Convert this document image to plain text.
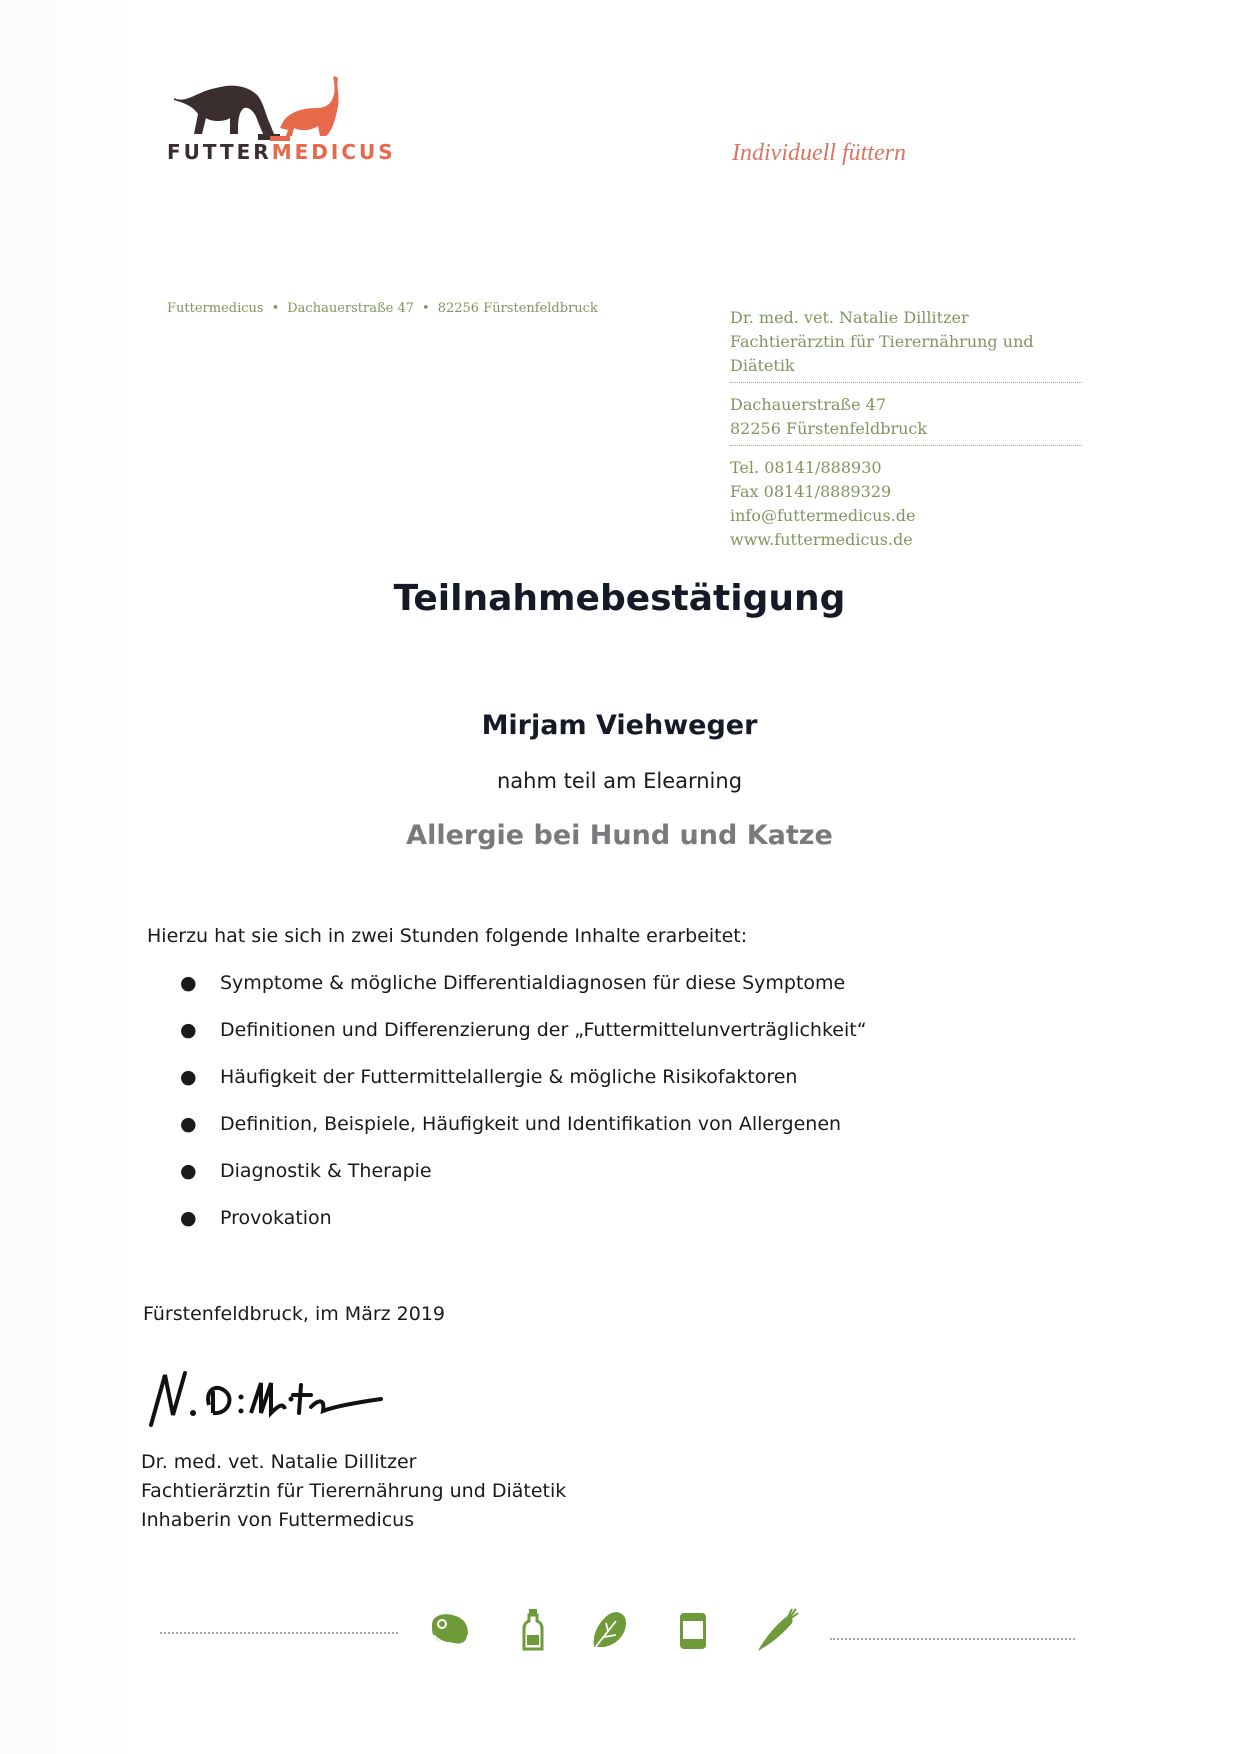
FUTTERMEDICUS	Individuell füttern
Futtermedicus • Dachauerstraße 47 • 82256 Fürstenfeldbruck	Dr. med. vet. Natalie Dillitzer
Fachtierärztin für Tierernährung und Diätetik
Dachauerstraße 47
82256 Fürstenfeldbruck
Tel. 08141/888930
Fax 08141/8889329
info@futtermedicus.de
www.futtermedicus.de
Teilnahmebestätigung
Mirjam Viehweger
nahm teil am Elearning
Allergie bei Hund und Katze
Hierzu hat sie sich in zwei Stunden folgende Inhalte erarbeitet:
●	Symptome & mögliche Differentialdiagnosen für diese Symptome
●	Definitionen und Differenzierung der „Futtermittelunverträglichkeit“
●	Häufigkeit der Futtermittelallergie & mögliche Risikofaktoren
●	Definition, Beispiele, Häufigkeit und Identifikation von Allergenen
●	Diagnostik & Therapie
●	Provokation
Fürstenfeldbruck, im März 2019
Dr. med. vet. Natalie Dillitzer
Fachtierärztin für Tierernährung und Diätetik
Inhaberin von Futtermedicus
